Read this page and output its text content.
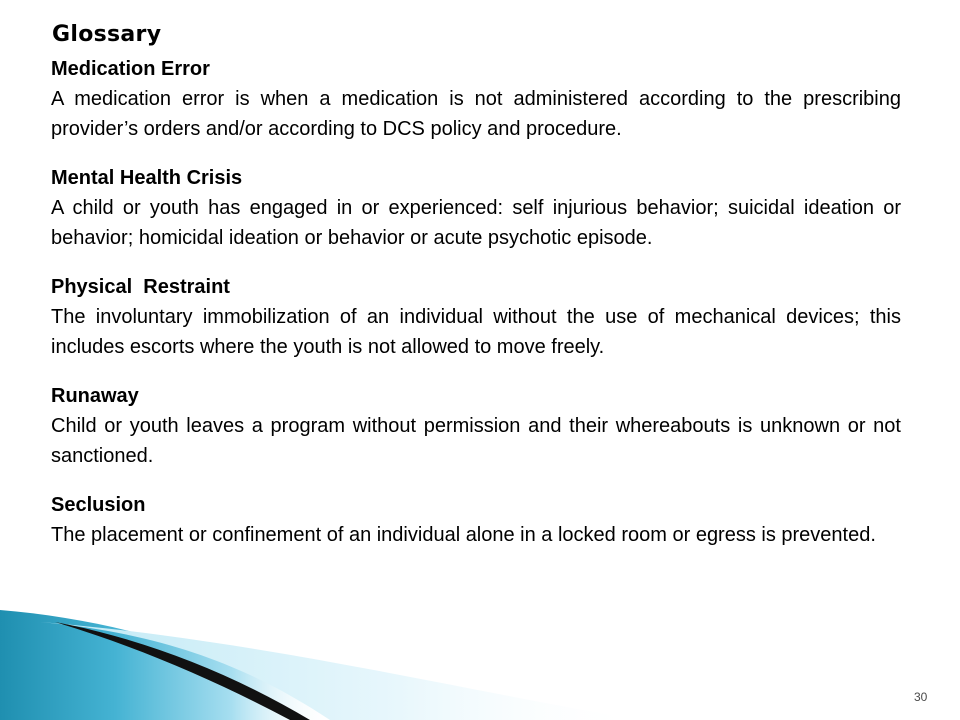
Glossary

Medication Error

A medication error is when a medication is not administered according to the prescribing provider’s orders and/or according to DCS policy and procedure.

Mental Health Crisis

A child or youth has engaged in or experienced: self injurious behavior; suicidal ideation or behavior; homicidal ideation or behavior or acute psychotic episode.

Physical  Restraint

The involuntary immobilization of an individual without the use of mechanical devices; this includes escorts where the youth is not allowed to move freely.

Runaway

Child or youth leaves a program without permission and their whereabouts is unknown or not sanctioned.

Seclusion

The placement or confinement of an individual alone in a locked room or egress is prevented.

30
